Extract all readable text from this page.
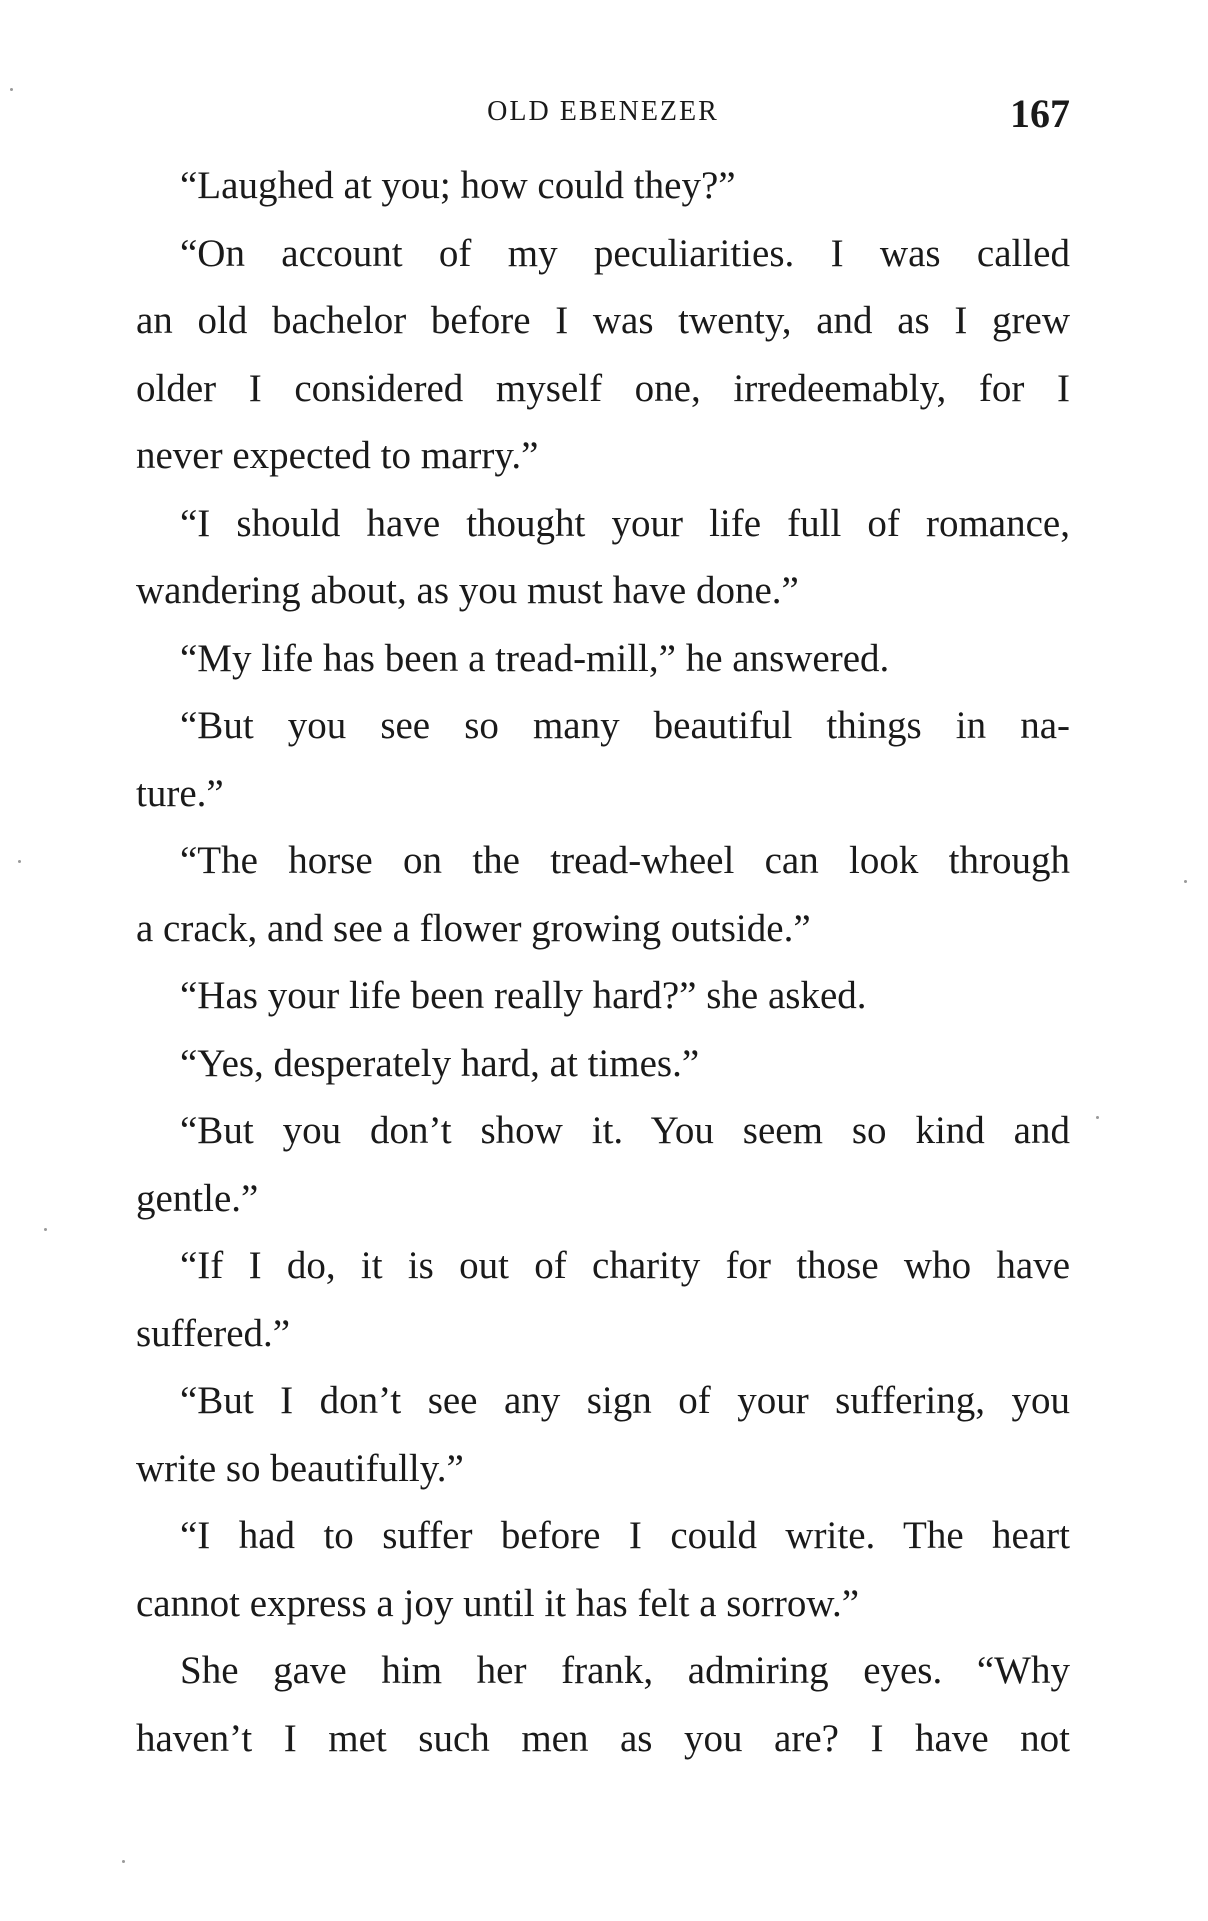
OLD EBENEZER	167
“Laughed at you; how could they?”
“On account of my peculiarities. I was called
an old bachelor before I was twenty, and as I grew
older I considered myself one, irredeemably, for I
never expected to marry.”
“I should have thought your life full of romance,
wandering about, as you must have done.”
“My life has been a tread-mill,” he answered.
“But you see so many beautiful things in na-
ture.”
“The horse on the tread-wheel can look through
a crack, and see a flower growing outside.”
“Has your life been really hard?” she asked.
“Yes, desperately hard, at times.”
“But you don’t show it. You seem so kind and
gentle.”
“If I do, it is out of charity for those who have
suffered.”
“But I don’t see any sign of your suffering, you
write so beautifully.”
“I had to suffer before I could write. The heart
cannot express a joy until it has felt a sorrow.”
She gave him her frank, admiring eyes. “Why
haven’t I met such men as you are? I have not
